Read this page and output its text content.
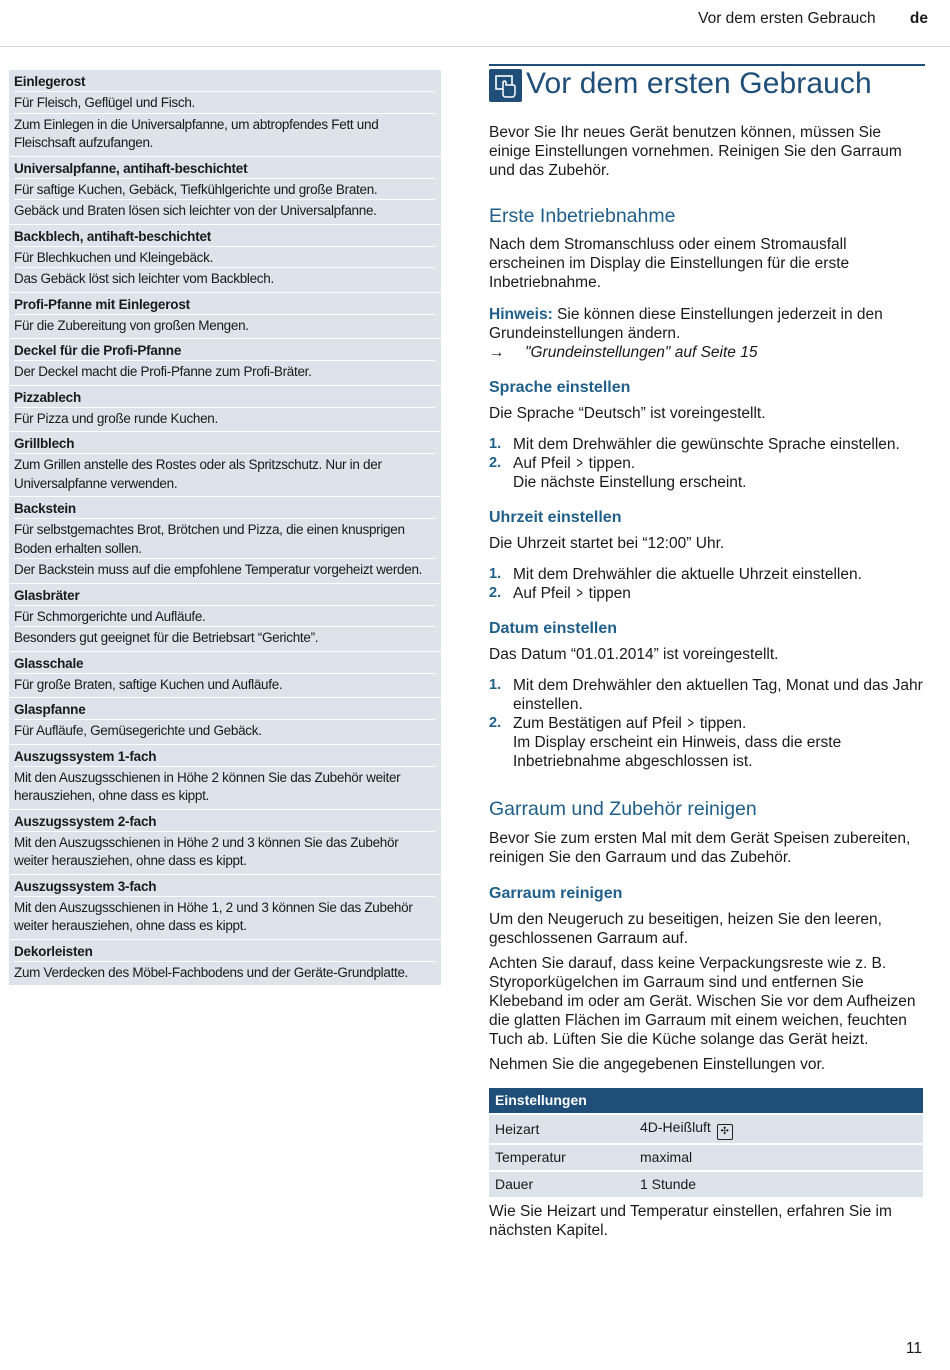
Vor dem ersten Gebrauch de
Einlegerost
Für Fleisch, Geflügel und Fisch.
Zum Einlegen in die Universalpfanne, um abtropfendes Fett und Fleischsaft aufzufangen.
Universalpfanne, antihaft-beschichtet
Für saftige Kuchen, Gebäck, Tiefkühlgerichte und große Braten.
Gebäck und Braten lösen sich leichter von der Universalpfanne.
Backblech, antihaft-beschichtet
Für Blechkuchen und Kleingebäck.
Das Gebäck löst sich leichter vom Backblech.
Profi-Pfanne mit Einlegerost
Für die Zubereitung von großen Mengen.
Deckel für die Profi-Pfanne
Der Deckel macht die Profi-Pfanne zum Profi-Bräter.
Pizzablech
Für Pizza und große runde Kuchen.
Grillblech
Zum Grillen anstelle des Rostes oder als Spritzschutz. Nur in der Universalpfanne verwenden.
Backstein
Für selbstgemachtes Brot, Brötchen und Pizza, die einen knusprigen Boden erhalten sollen.
Der Backstein muss auf die empfohlene Temperatur vorgeheizt werden.
Glasbräter
Für Schmorgerichte und Aufläufe.
Besonders gut geeignet für die Betriebsart “Gerichte”.
Glasschale
Für große Braten, saftige Kuchen und Aufläufe.
Glaspfanne
Für Aufläufe, Gemüsegerichte und Gebäck.
Auszugssystem 1-fach
Mit den Auszugsschienen in Höhe 2 können Sie das Zubehör weiter herausziehen, ohne dass es kippt.
Auszugssystem 2-fach
Mit den Auszugsschienen in Höhe 2 und 3 können Sie das Zubehör weiter herausziehen, ohne dass es kippt.
Auszugssystem 3-fach
Mit den Auszugsschienen in Höhe 1, 2 und 3 können Sie das Zubehör weiter herausziehen, ohne dass es kippt.
Dekorleisten
Zum Verdecken des Möbel-Fachbodens und der Geräte-Grundplatte.
Vor dem ersten Gebrauch

Bevor Sie Ihr neues Gerät benutzen können, müssen Sie einige Einstellungen vornehmen. Reinigen Sie den Garraum und das Zubehör.

Erste Inbetriebnahme

Nach dem Stromanschluss oder einem Stromausfall erscheinen im Display die Einstellungen für die erste Inbetriebnahme.

Hinweis: Sie können diese Einstellungen jederzeit in den Grundeinstellungen ändern.

→ "Grundeinstellungen" auf Seite 15

Sprache einstellen

Die Sprache “Deutsch” ist voreingestellt.

1. Mit dem Drehwähler die gewünschte Sprache einstellen.
2. Auf Pfeil > tippen.
Die nächste Einstellung erscheint.
Uhrzeit einstellen

Die Uhrzeit startet bei “12:00” Uhr.

1. Mit dem Drehwähler die aktuelle Uhrzeit einstellen.
2. Auf Pfeil > tippen
Datum einstellen

Das Datum “01.01.2014” ist voreingestellt.

1. Mit dem Drehwähler den aktuellen Tag, Monat und das Jahr einstellen.
2. Zum Bestätigen auf Pfeil > tippen.
Im Display erscheint ein Hinweis, dass die erste Inbetriebnahme abgeschlossen ist.
Garraum und Zubehör reinigen

Bevor Sie zum ersten Mal mit dem Gerät Speisen zubereiten, reinigen Sie den Garraum und das Zubehör.

Garraum reinigen

Um den Neugeruch zu beseitigen, heizen Sie den leeren, geschlossenen Garraum auf.

Achten Sie darauf, dass keine Verpackungsreste wie z. B. Styroporkügelchen im Garraum sind und entfernen Sie Klebeband im oder am Gerät. Wischen Sie vor dem Aufheizen die glatten Flächen im Garraum mit einem weichen, feuchten Tuch ab. Lüften Sie die Küche solange das Gerät heizt.

Nehmen Sie die angegebenen Einstellungen vor.

Einstellungen	
Heizart	4D-Heißluft ✣
Temperatur	maximal
Dauer	1 Stunde

Wie Sie Heizart und Temperatur einstellen, erfahren Sie im nächsten Kapitel.

11
